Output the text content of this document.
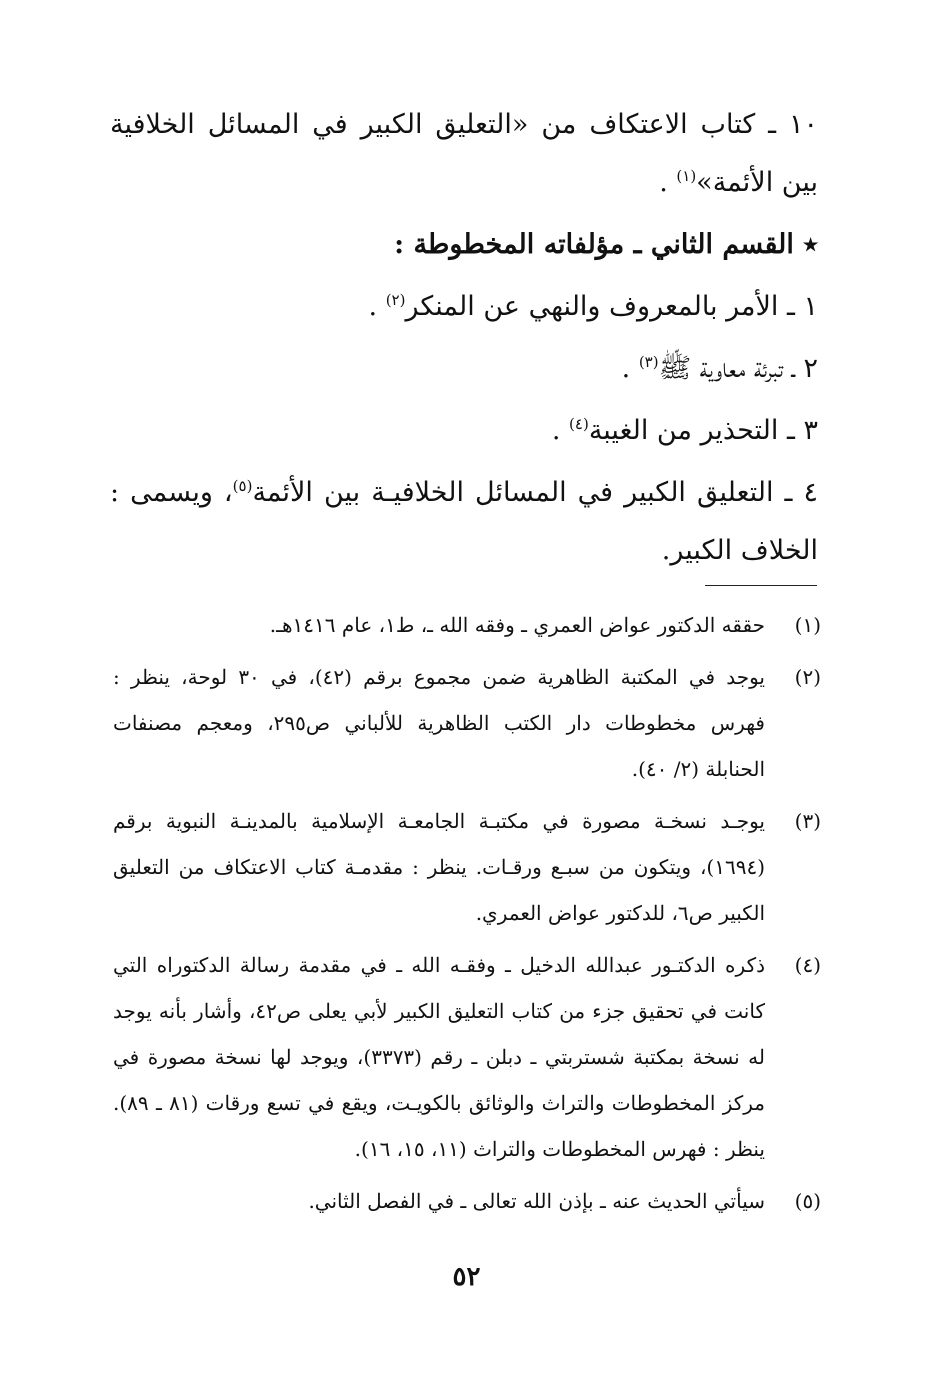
١٠ ـ كتاب الاعتكاف من «التعليق الكبير في المسائل الخلافية بين الأئمة»$^{(١)}$ .

٭ القسم الثاني ـ مؤلفاته المخطوطة :

١ ـ الأمر بالمعروف والنهي عن المنكر$^{(٢)}$ .

٢ ـ تبرئة معاوية ﷺ$^{(٣)}$ .

٣ ـ التحذير من الغيبة$^{(٤)}$ .

٤ ـ التعليق الكبير في المسائل الخلافيـة بين الأئمة$^{(٥)}$، ويسمى : الخلاف الكبير.

(١)
حققه الدكتور عواض العمري ـ وفقه الله ـ، ط١، عام ١٤١٦هـ.
(٢)
يوجد في المكتبة الظاهرية ضمن مجموع برقم (٤٢)، في ٣٠ لوحة، ينظر : فهرس مخطوطات دار الكتب الظاهرية للألباني ص٢٩٥، ومعجم مصنفات الحنابلة (٢/ ٤٠).
(٣)
يوجـد نسخـة مصورة في مكتبـة الجامعـة الإسلامية بالمدينـة النبوية برقم (١٦٩٤)، ويتكون من سبـع ورقـات. ينظر : مقدمـة كتاب الاعتكاف من التعليق الكبير ص٦، للدكتور عواض العمري.
(٤)
ذكره الدكتـور عبدالله الدخيل ـ وفقـه الله ـ في مقدمة رسالة الدكتوراه التي كانت في تحقيق جزء من كتاب التعليق الكبير لأبي يعلى ص٤٢، وأشار بأنه يوجد له نسخة بمكتبة شستربتي ـ دبلن ـ رقم (٣٣٧٣)، ويوجد لها نسخة مصورة في مركز المخطوطات والتراث والوثائق بالكويـت، ويقع في تسع ورقات (٨١ ـ ٨٩). ينظر : فهرس المخطوطات والتراث (١١، ١٥، ١٦).
(٥)
سيأتي الحديث عنه ـ بإذن الله تعالى ـ في الفصل الثاني.
٥٢
